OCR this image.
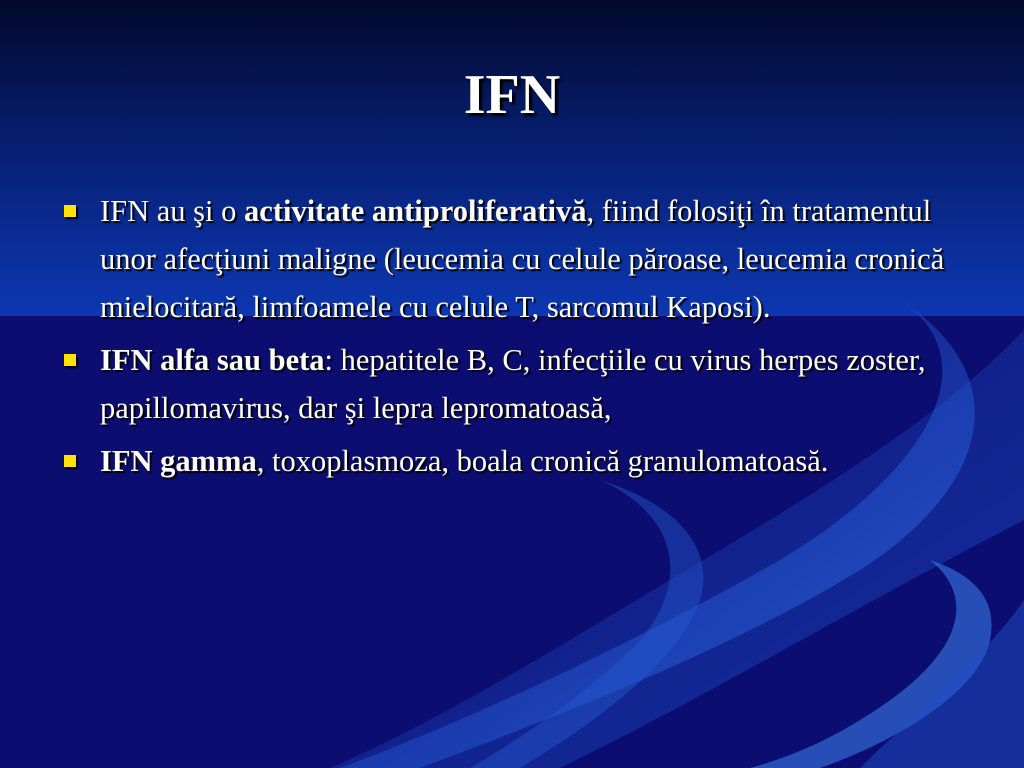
IFN
IFN au şi o activitate antiproliferativă, fiind folosiţi în tratamentul unor afecţiuni maligne (leucemia cu celule păroase, leucemia cronică mielocitară, limfoamele cu celule T, sarcomul Kaposi).
IFN alfa sau beta: hepatitele B, C, infecţiile cu virus herpes zoster, papillomavirus, dar şi lepra lepromatoasă,
IFN gamma, toxoplasmoza, boala cronică granulomatoasă.
